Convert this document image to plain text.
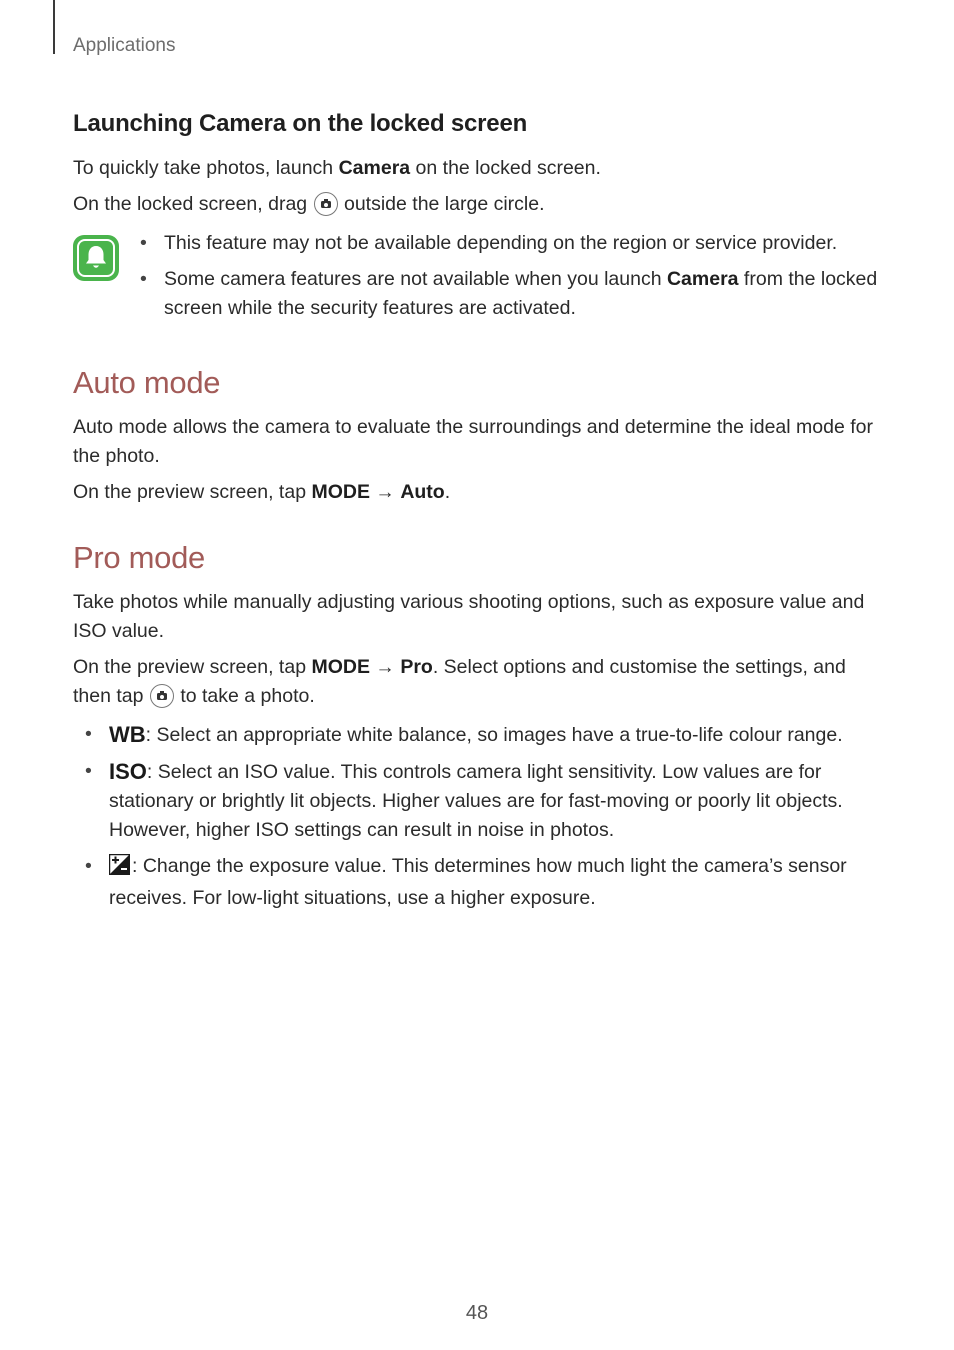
Applications
Launching Camera on the locked screen
To quickly take photos, launch Camera on the locked screen.
On the locked screen, drag
outside the large circle.
• This feature may not be available depending on the region or service provider.
• Some camera features are not available when you launch Camera from the locked screen while the security features are activated.
Auto mode
Auto mode allows the camera to evaluate the surroundings and determine the ideal mode for the photo.
On the preview screen, tap MODE → Auto.
Pro mode
Take photos while manually adjusting various shooting options, such as exposure value and ISO value.
On the preview screen, tap MODE → Pro. Select options and customise the settings, and then tap
to take a photo.
• WB: Select an appropriate white balance, so images have a true-to-life colour range.
• ISO: Select an ISO value. This controls camera light sensitivity. Low values are for stationary or brightly lit objects. Higher values are for fast-moving or poorly lit objects. However, higher ISO settings can result in noise in photos.
• : Change the exposure value. This determines how much light the camera’s sensor receives. For low-light situations, use a higher exposure.
48
